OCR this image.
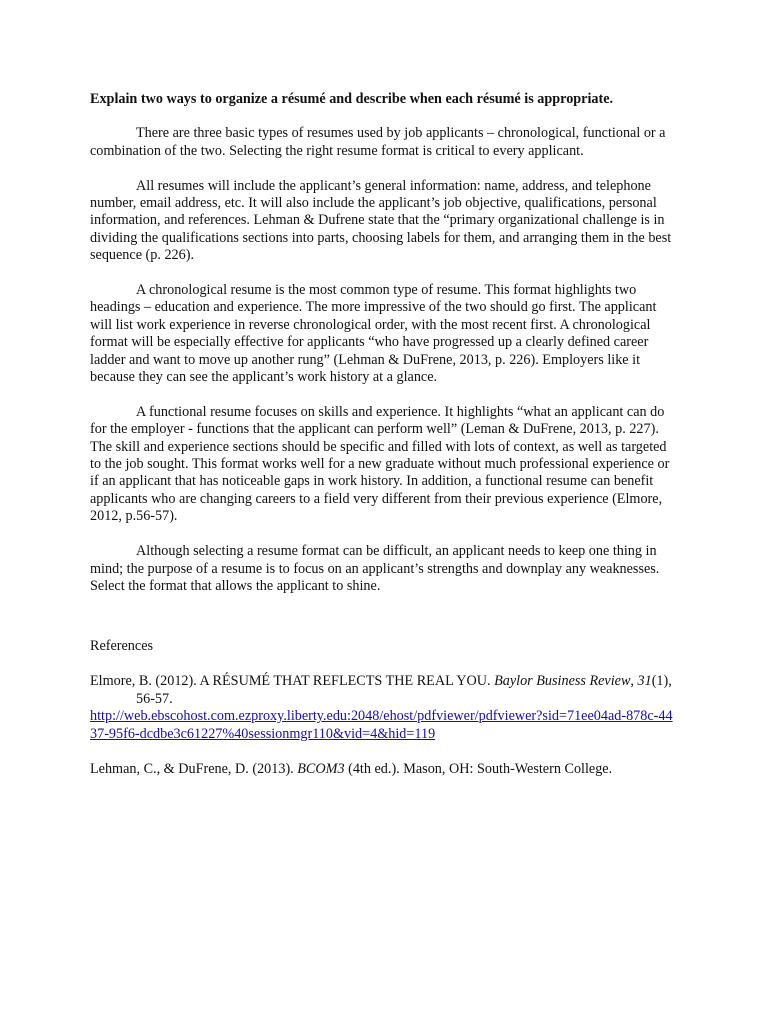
Explain two ways to organize a résumé and describe when each résumé is appropriate.

There are three basic types of resumes used by job applicants – chronological, functional or a combination of the two. Selecting the right resume format is critical to every applicant.

All resumes will include the applicant’s general information: name, address, and telephone number, email address, etc. It will also include the applicant’s job objective, qualifications, personal information, and references. Lehman & Dufrene state that the “primary organizational challenge is in dividing the qualifications sections into parts, choosing labels for them, and arranging them in the best sequence (p. 226).

A chronological resume is the most common type of resume. This format highlights two headings – education and experience. The more impressive of the two should go first. The applicant will list work experience in reverse chronological order, with the most recent first. A chronological format will be especially effective for applicants “who have progressed up a clearly defined career ladder and want to move up another rung” (Lehman & DuFrene, 2013, p. 226). Employers like it because they can see the applicant’s work history at a glance.

A functional resume focuses on skills and experience. It highlights “what an applicant can do for the employer - functions that the applicant can perform well” (Leman & DuFrene, 2013, p. 227). The skill and experience sections should be specific and filled with lots of context, as well as targeted to the job sought. This format works well for a new graduate without much professional experience or if an applicant that has noticeable gaps in work history. In addition, a functional resume can benefit applicants who are changing careers to a field very different from their previous experience (Elmore, 2012, p.56-57).

Although selecting a resume format can be difficult, an applicant needs to keep one thing in mind; the purpose of a resume is to focus on an applicant’s strengths and downplay any weaknesses. Select the format that allows the applicant to shine.

References

Elmore, B. (2012). A RÉSUMÉ THAT REFLECTS THE REAL YOU. Baylor Business Review, 31(1), 56-57.
http://web.ebscohost.com.ezproxy.liberty.edu:2048/ehost/pdfviewer/pdfviewer?sid=71ee04ad-878c-4437-95f6-dcdbe3c61227%40sessionmgr110&vid=4&hid=119

Lehman, C., & DuFrene, D. (2013). BCOM3 (4th ed.). Mason, OH: South-Western College.
